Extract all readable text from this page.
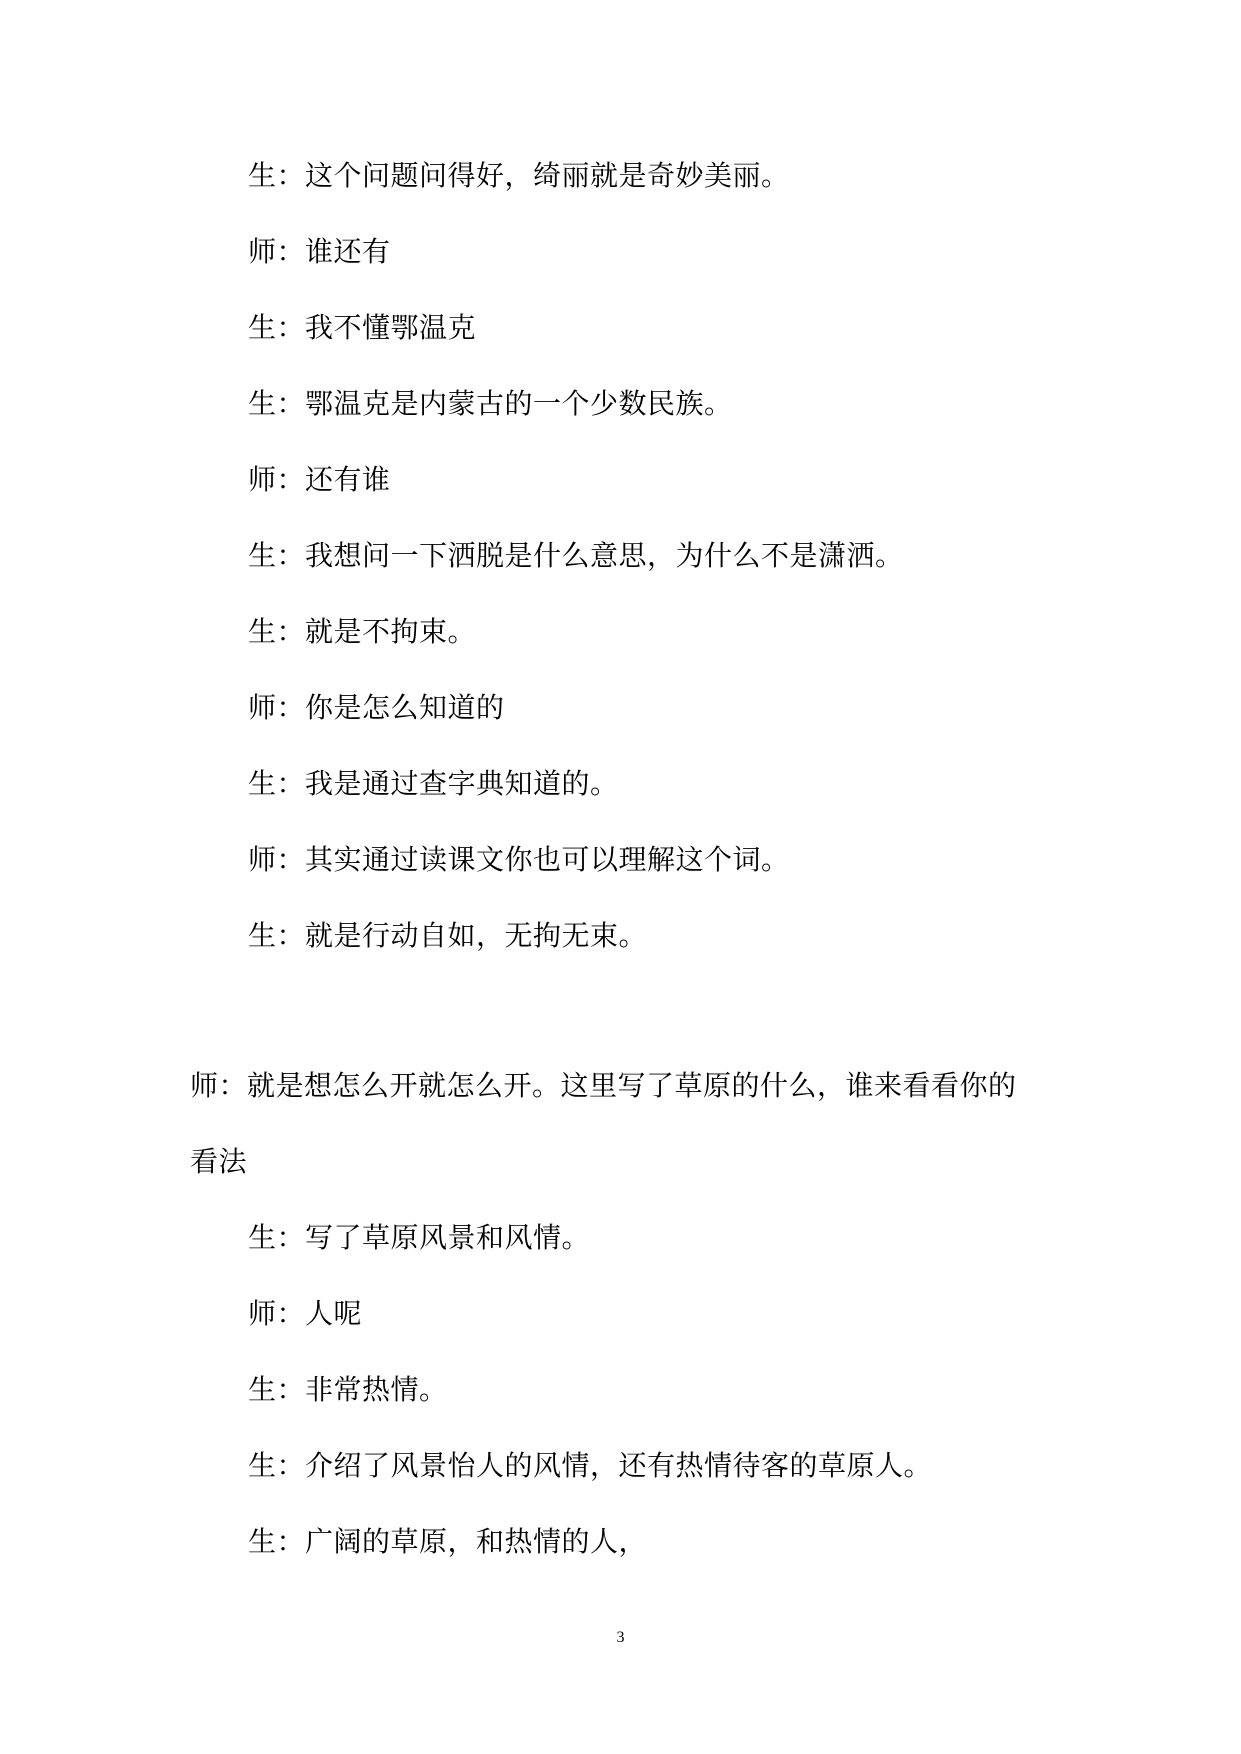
生：这个问题问得好，绮丽就是奇妙美丽。
师：谁还有
生：我不懂鄂温克
生：鄂温克是内蒙古的一个少数民族。
师：还有谁
生：我想问一下洒脱是什么意思，为什么不是潇洒。
生：就是不拘束。
师：你是怎么知道的
生：我是通过查字典知道的。
师：其实通过读课文你也可以理解这个词。
生：就是行动自如，无拘无束。
师：就是想怎么开就怎么开。这里写了草原的什么，谁来看看你的
看法
生：写了草原风景和风情。
师：人呢
生：非常热情。
生：介绍了风景怡人的风情，还有热情待客的草原人。
生：广阔的草原，和热情的人，
3
